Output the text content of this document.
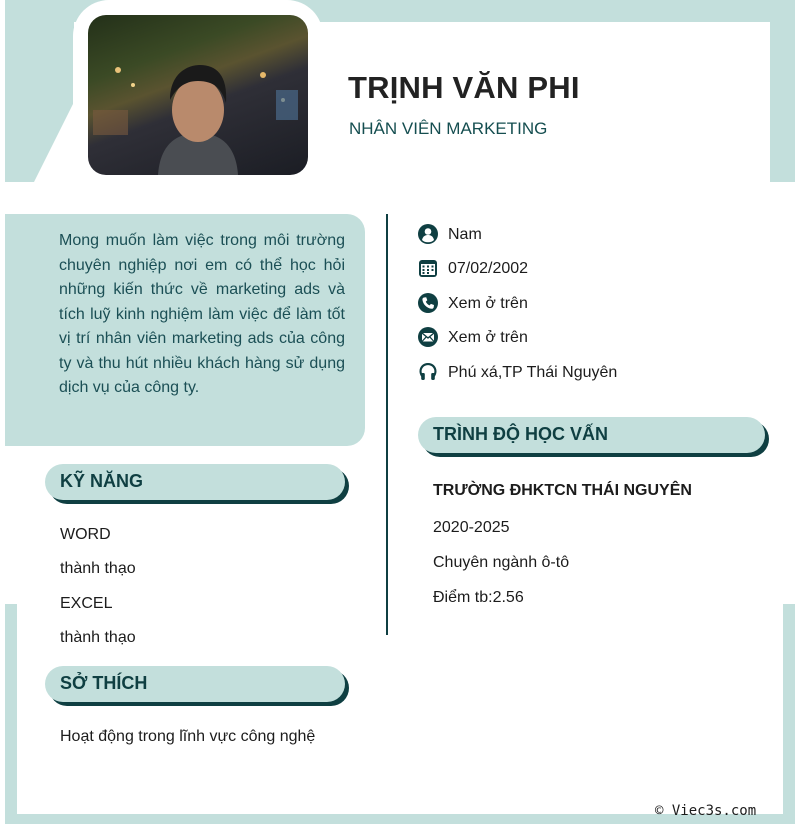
TRỊNH VĂN PHI
NHÂN VIÊN MARKETING
Mong muốn làm việc trong môi trường chuyên nghiệp nơi em có thể học hỏi những kiến thức về marketing ads và tích luỹ kinh nghiệm làm việc để làm tốt vị trí nhân viên marketing ads của công ty và thu hút nhiều khách hàng sử dụng dịch vụ của công ty.
Nam
07/02/2002
Xem ở trên
Xem ở trên
Phú xá,TP Thái Nguyên
KỸ NĂNG
WORD
thành thạo
EXCEL
thành thạo
SỞ THÍCH
Hoạt động trong lĩnh vực công nghệ
TRÌNH ĐỘ HỌC VẤN
TRƯỜNG ĐHKTCN THÁI NGUYÊN
2020-2025
Chuyên ngành ô-tô
Điểm tb:2.56
© Viec3s.com
